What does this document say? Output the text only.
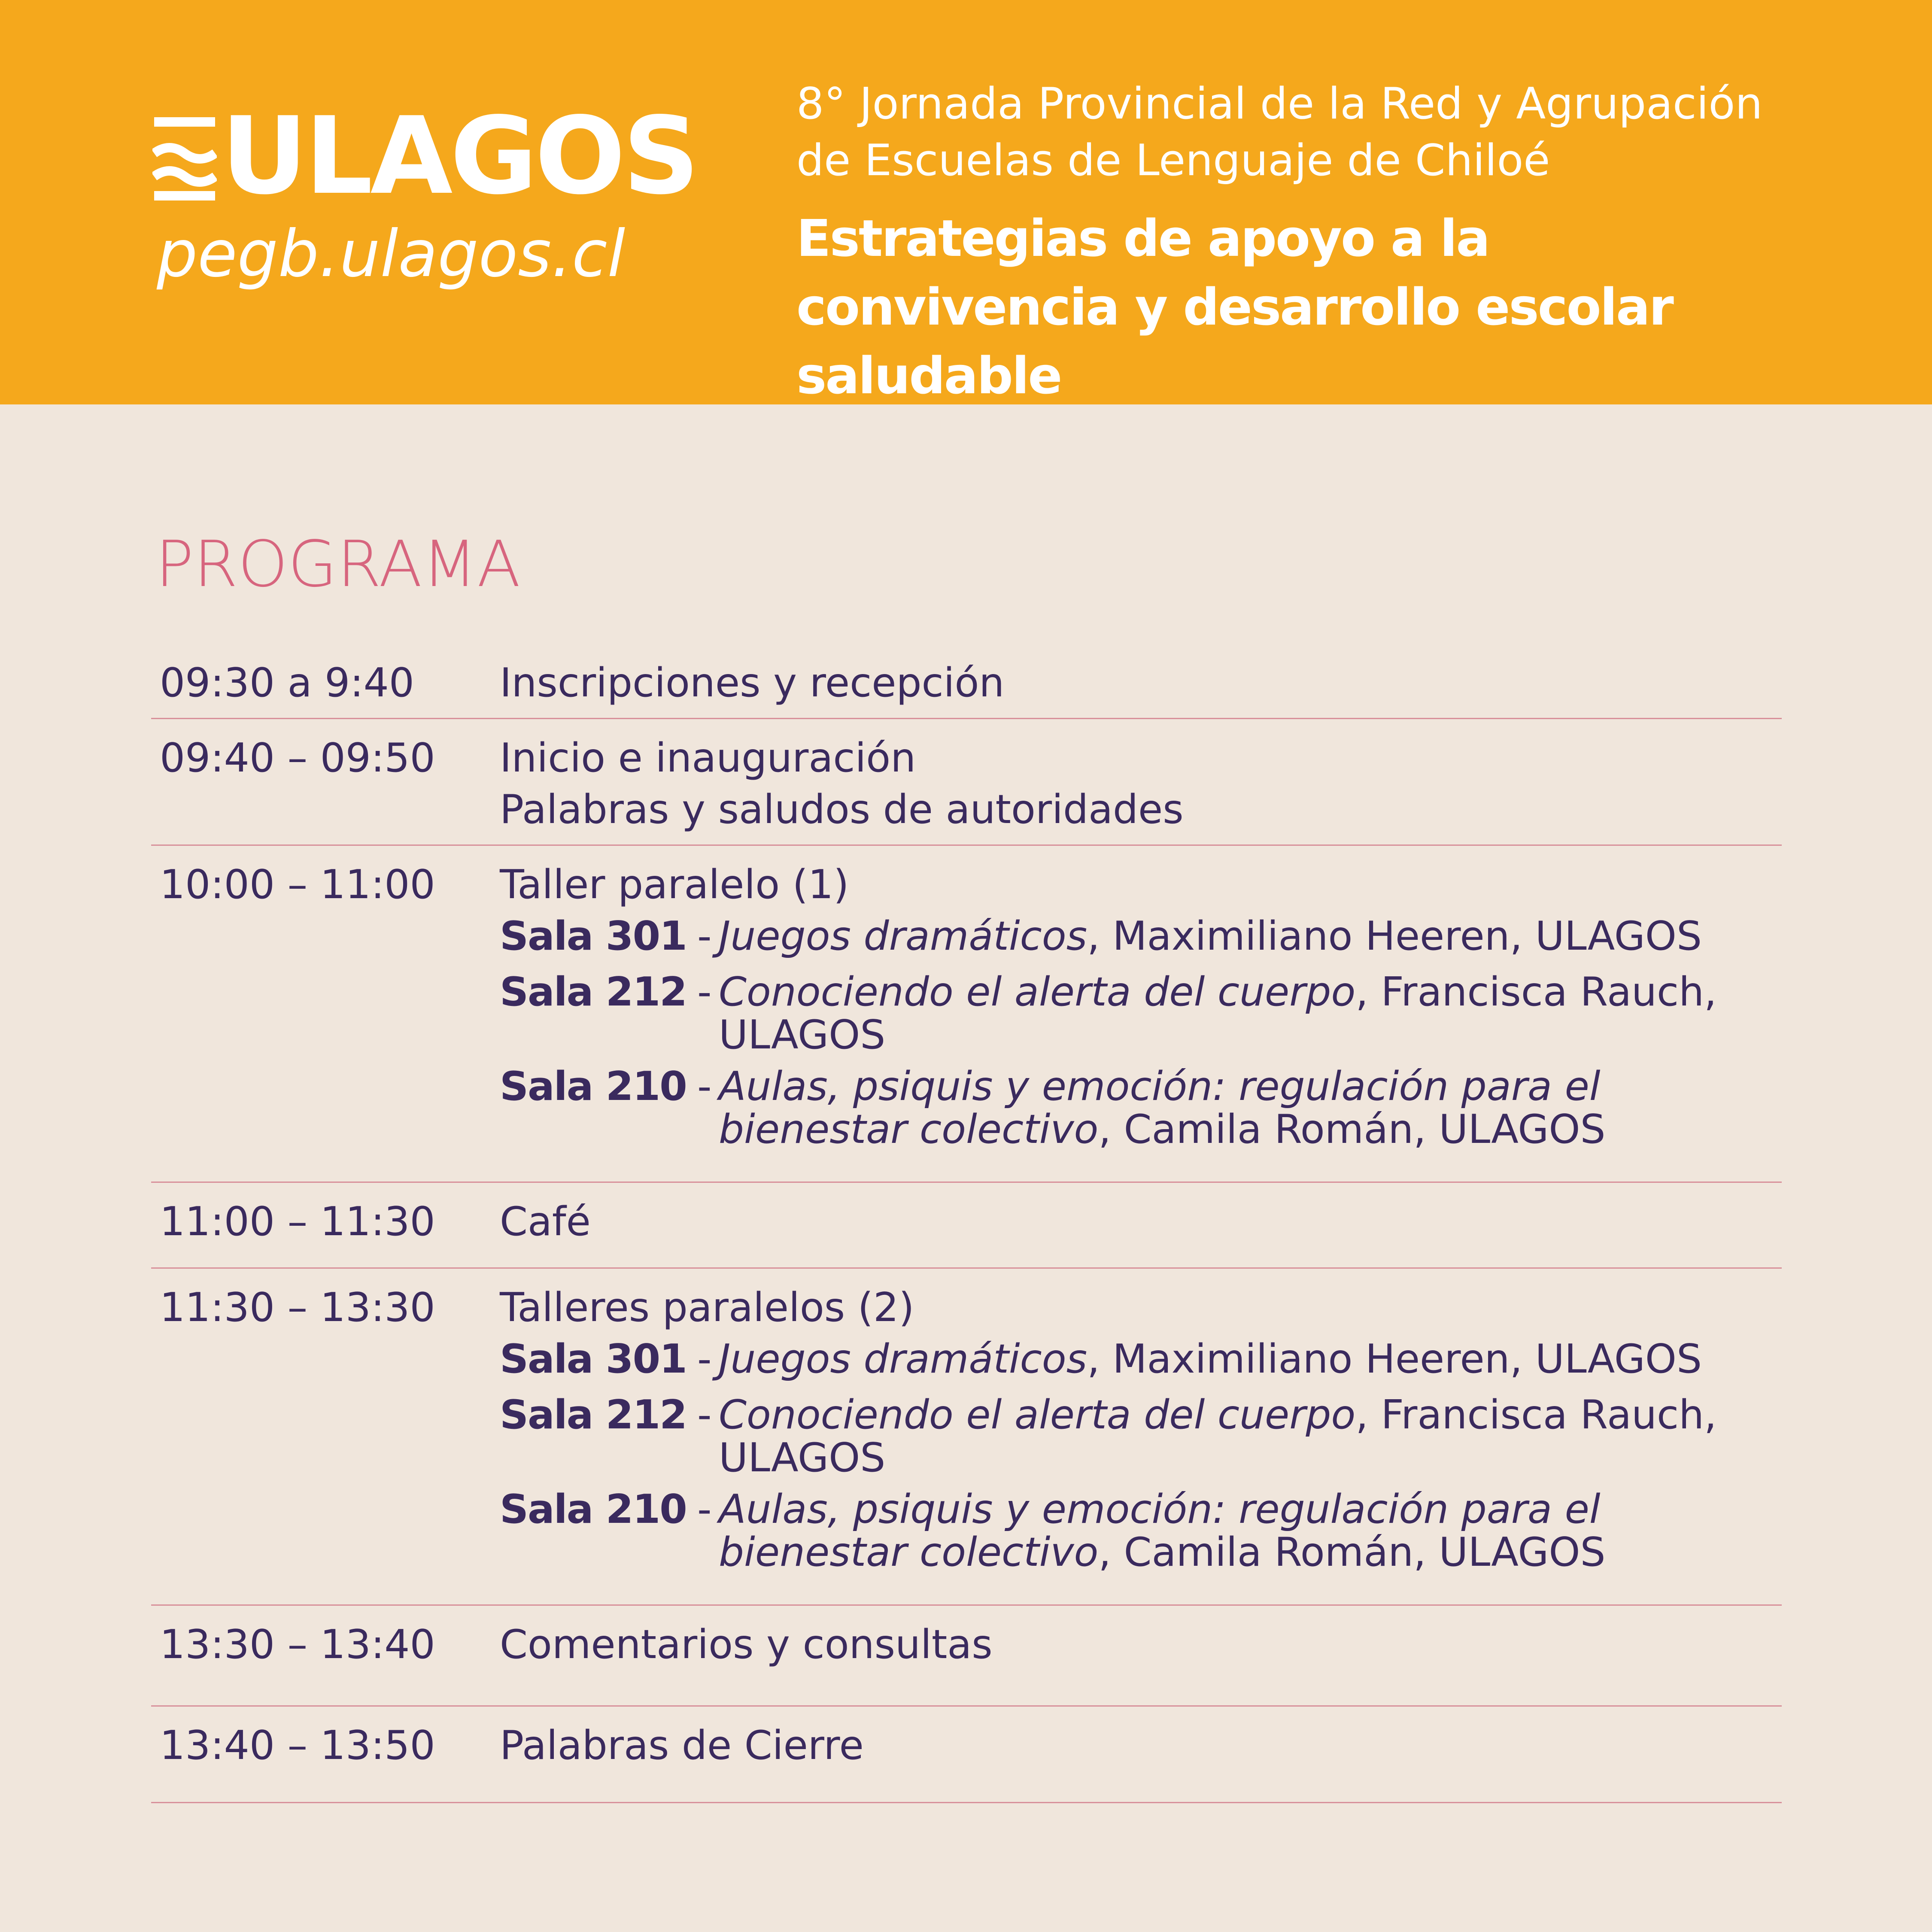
ULAGOS
pegb.ulagos.cl
8° Jornada Provincial de la Red y Agrupación de Escuelas de Lenguaje de Chiloé
Estrategias de apoyo a la convivencia y desarrollo escolar saludable
PROGRAMA
09:30 a 9:40	Inscripciones y recepción
09:40 – 09:50	Inicio e inauguración
Palabras y saludos de autoridades
10:00 – 11:00	Taller paralelo (1)
Sala 301 - Juegos dramáticos, Maximiliano Heeren, ULAGOS
Sala 212 - Conociendo el alerta del cuerpo, Francisca Rauch, ULAGOS
Sala 210 - Aulas, psiquis y emoción: regulación para el bienestar colectivo, Camila Román, ULAGOS
11:00 – 11:30	Café
11:30 – 13:30	Talleres paralelos (2)
Sala 301 - Juegos dramáticos, Maximiliano Heeren, ULAGOS
Sala 212 - Conociendo el alerta del cuerpo, Francisca Rauch, ULAGOS
Sala 210 - Aulas, psiquis y emoción: regulación para el bienestar colectivo, Camila Román, ULAGOS
13:30 – 13:40	Comentarios y consultas
13:40 – 13:50	Palabras de Cierre
